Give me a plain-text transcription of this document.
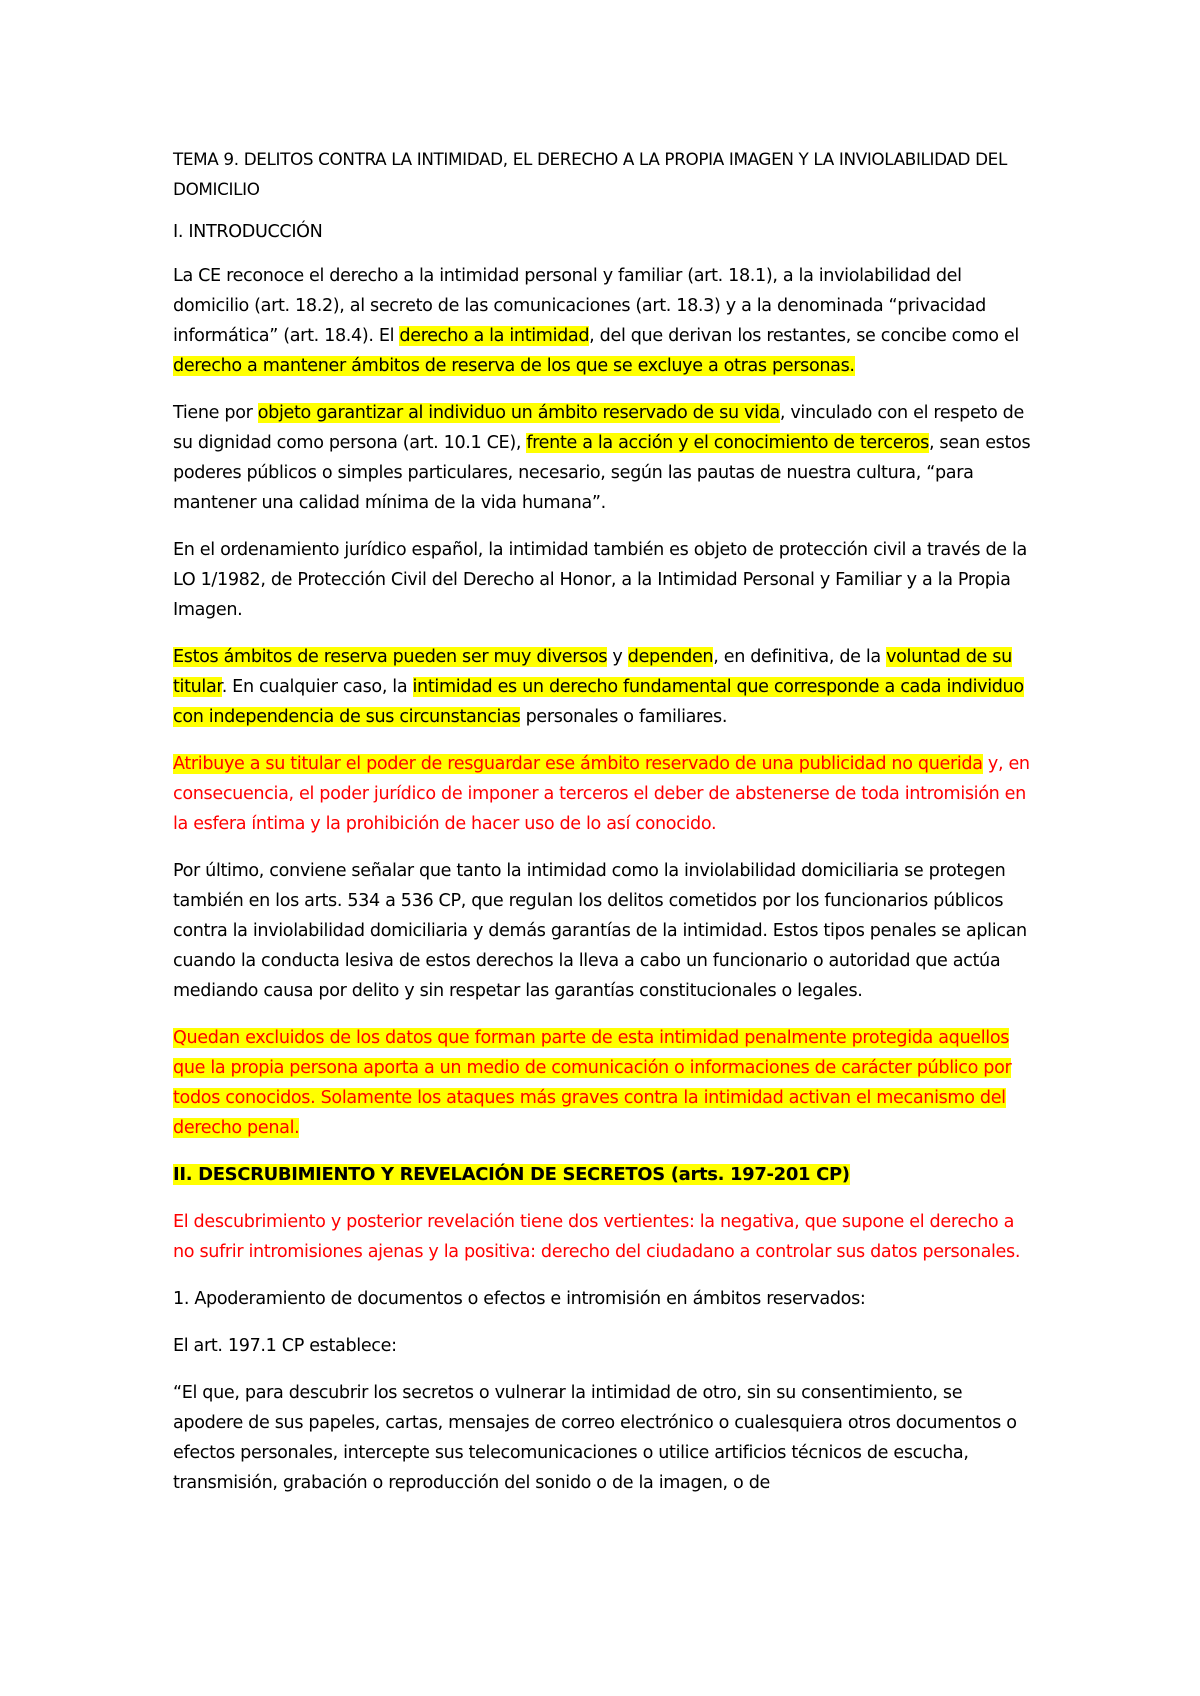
TEMA 9. DELITOS CONTRA LA INTIMIDAD, EL DERECHO A LA PROPIA IMAGEN Y LA INVIOLABILIDAD DEL DOMICILIO

I. INTRODUCCIÓN

La CE reconoce el derecho a la intimidad personal y familiar (art. 18.1), a la inviolabilidad del domicilio (art. 18.2), al secreto de las comunicaciones (art. 18.3) y a la denominada “privacidad informática” (art. 18.4). El derecho a la intimidad, del que derivan los restantes, se concibe como el derecho a mantener ámbitos de reserva de los que se excluye a otras personas.

Tiene por objeto garantizar al individuo un ámbito reservado de su vida, vinculado con el respeto de su dignidad como persona (art. 10.1 CE), frente a la acción y el conocimiento de terceros, sean estos poderes públicos o simples particulares, necesario, según las pautas de nuestra cultura, “para mantener una calidad mínima de la vida humana”.

En el ordenamiento jurídico español, la intimidad también es objeto de protección civil a través de la LO 1/1982, de Protección Civil del Derecho al Honor, a la Intimidad Personal y Familiar y a la Propia Imagen.

Estos ámbitos de reserva pueden ser muy diversos y dependen, en definitiva, de la voluntad de su titular. En cualquier caso, la intimidad es un derecho fundamental que corresponde a cada individuo con independencia de sus circunstancias personales o familiares.

Atribuye a su titular el poder de resguardar ese ámbito reservado de una publicidad no querida y, en consecuencia, el poder jurídico de imponer a terceros el deber de abstenerse de toda intromisión en la esfera íntima y la prohibición de hacer uso de lo así conocido.

Por último, conviene señalar que tanto la intimidad como la inviolabilidad domiciliaria se protegen también en los arts. 534 a 536 CP, que regulan los delitos cometidos por los funcionarios públicos contra la inviolabilidad domiciliaria y demás garantías de la intimidad. Estos tipos penales se aplican cuando la conducta lesiva de estos derechos la lleva a cabo un funcionario o autoridad que actúa mediando causa por delito y sin respetar las garantías constitucionales o legales.

Quedan excluidos de los datos que forman parte de esta intimidad penalmente protegida aquellos que la propia persona aporta a un medio de comunicación o informaciones de carácter público por todos conocidos. Solamente los ataques más graves contra la intimidad activan el mecanismo del derecho penal.

II. DESCRUBIMIENTO Y REVELACIÓN DE SECRETOS (arts. 197-201 CP)

El descubrimiento y posterior revelación tiene dos vertientes: la negativa, que supone el derecho a no sufrir intromisiones ajenas y la positiva: derecho del ciudadano a controlar sus datos personales.

1. Apoderamiento de documentos o efectos e intromisión en ámbitos reservados:

El art. 197.1 CP establece:

“El que, para descubrir los secretos o vulnerar la intimidad de otro, sin su consentimiento, se apodere de sus papeles, cartas, mensajes de correo electrónico o cualesquiera otros documentos o efectos personales, intercepte sus telecomunicaciones o utilice artificios técnicos de escucha, transmisión, grabación o reproducción del sonido o de la imagen, o de
